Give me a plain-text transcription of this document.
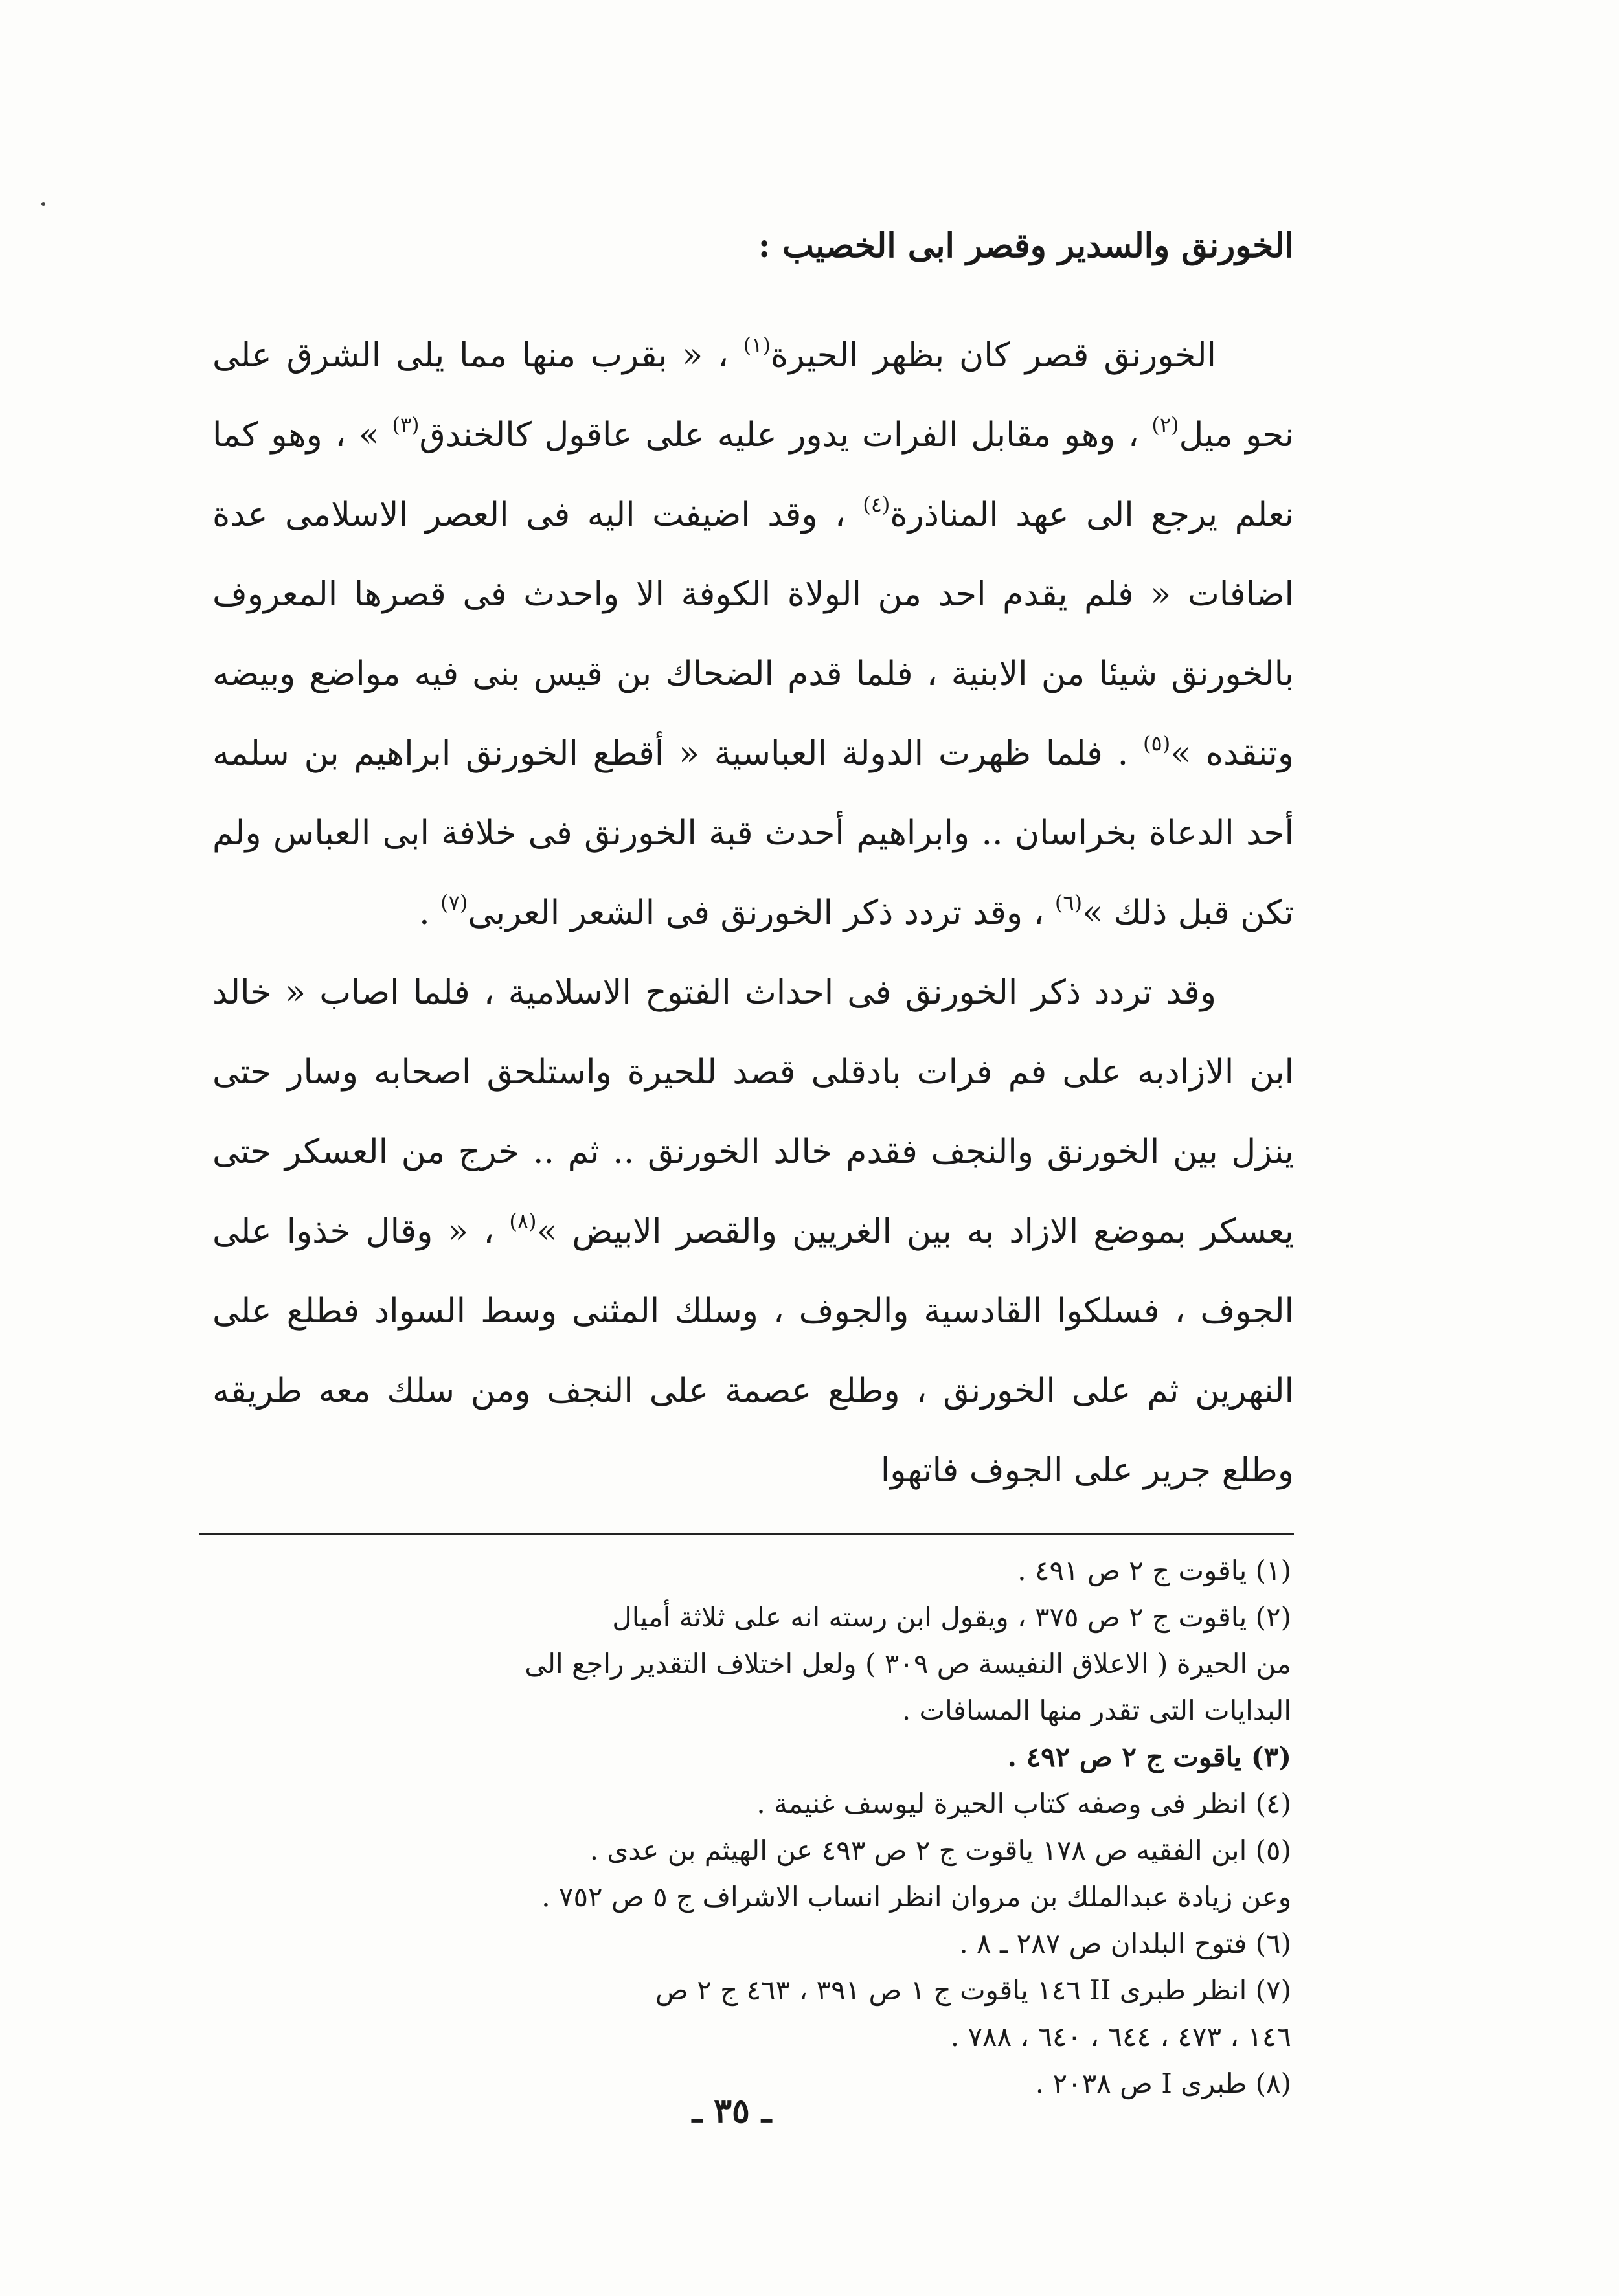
الخورنق والسدير وقصر ابى الخصيب :

الخورنق قصر كان بظهر الحيرة$^{(١)}$ ، « بقرب منها مما يلى الشرق على نحو ميل$^{(٢)}$ ، وهو مقابل الفرات يدور عليه على عاقول كالخندق$^{(٣)}$ » ، وهو كما نعلم يرجع الى عهد المناذرة$^{(٤)}$ ، وقد اضيفت اليه فى العصر الاسلامى عدة اضافات « فلم يقدم احد من الولاة الكوفة الا واحدث فى قصرها المعروف بالخورنق شيئا من الابنية ، فلما قدم الضحاك بن قيس بنى فيه مواضع وبيضه وتنقده »$^{(٥)}$ . فلما ظهرت الدولة العباسية « أقطع الخورنق ابراهيم بن سلمه أحد الدعاة بخراسان .. وابراهيم أحدث قبة الخورنق فى خلافة ابى العباس ولم تكن قبل ذلك »$^{(٦)}$ ، وقد تردد ذكر الخورنق فى الشعر العربى$^{(٧)}$ .

وقد تردد ذكر الخورنق فى احداث الفتوح الاسلامية ، فلما اصاب « خالد ابن الازادبه على فم فرات بادقلى قصد للحيرة واستلحق اصحابه وسار حتى ينزل بين الخورنق والنجف فقدم خالد الخورنق .. ثم .. خرج من العسكر حتى يعسكر بموضع الازاد به بين الغريين والقصر الابيض »$^{(٨)}$ ، « وقال خذوا على الجوف ، فسلكوا القادسية والجوف ، وسلك المثنى وسط السواد فطلع على النهرين ثم على الخورنق ، وطلع عصمة على النجف ومن سلك معه طريقه وطلع جرير على الجوف فاتهوا

(١) ياقوت ج ٢ ص ٤٩١ .
(٢) ياقوت ج ٢ ص ٣٧٥ ، ويقول ابن رسته انه على ثلاثة أميال
من الحيرة ( الاعلاق النفيسة ص ٣٠٩ ) ولعل اختلاف التقدير راجع الى
البدايات التى تقدر منها المسافات .
(٣) ياقوت ج ٢ ص ٤٩٢ .
(٤) انظر فى وصفه كتاب الحيرة ليوسف غنيمة .
(٥) ابن الفقيه ص ١٧٨ ياقوت ج ٢ ص ٤٩٣ عن الهيثم بن عدى .
وعن زيادة عبدالملك بن مروان انظر انساب الاشراف ج ٥ ص ٧٥٢ .
(٦) فتوح البلدان ص ٢٨٧ ـ ٨ .
(٧) انظر طبرى II ١٤٦ ياقوت ج ١ ص ٣٩١ ، ٤٦٣ ج ٢ ص
١٤٦ ، ٤٧٣ ، ٦٤٤ ، ٦٤٠ ، ٧٨٨ .
(٨) طبرى I ص ٢٠٣٨ .
ـ ٣٥ ـ
